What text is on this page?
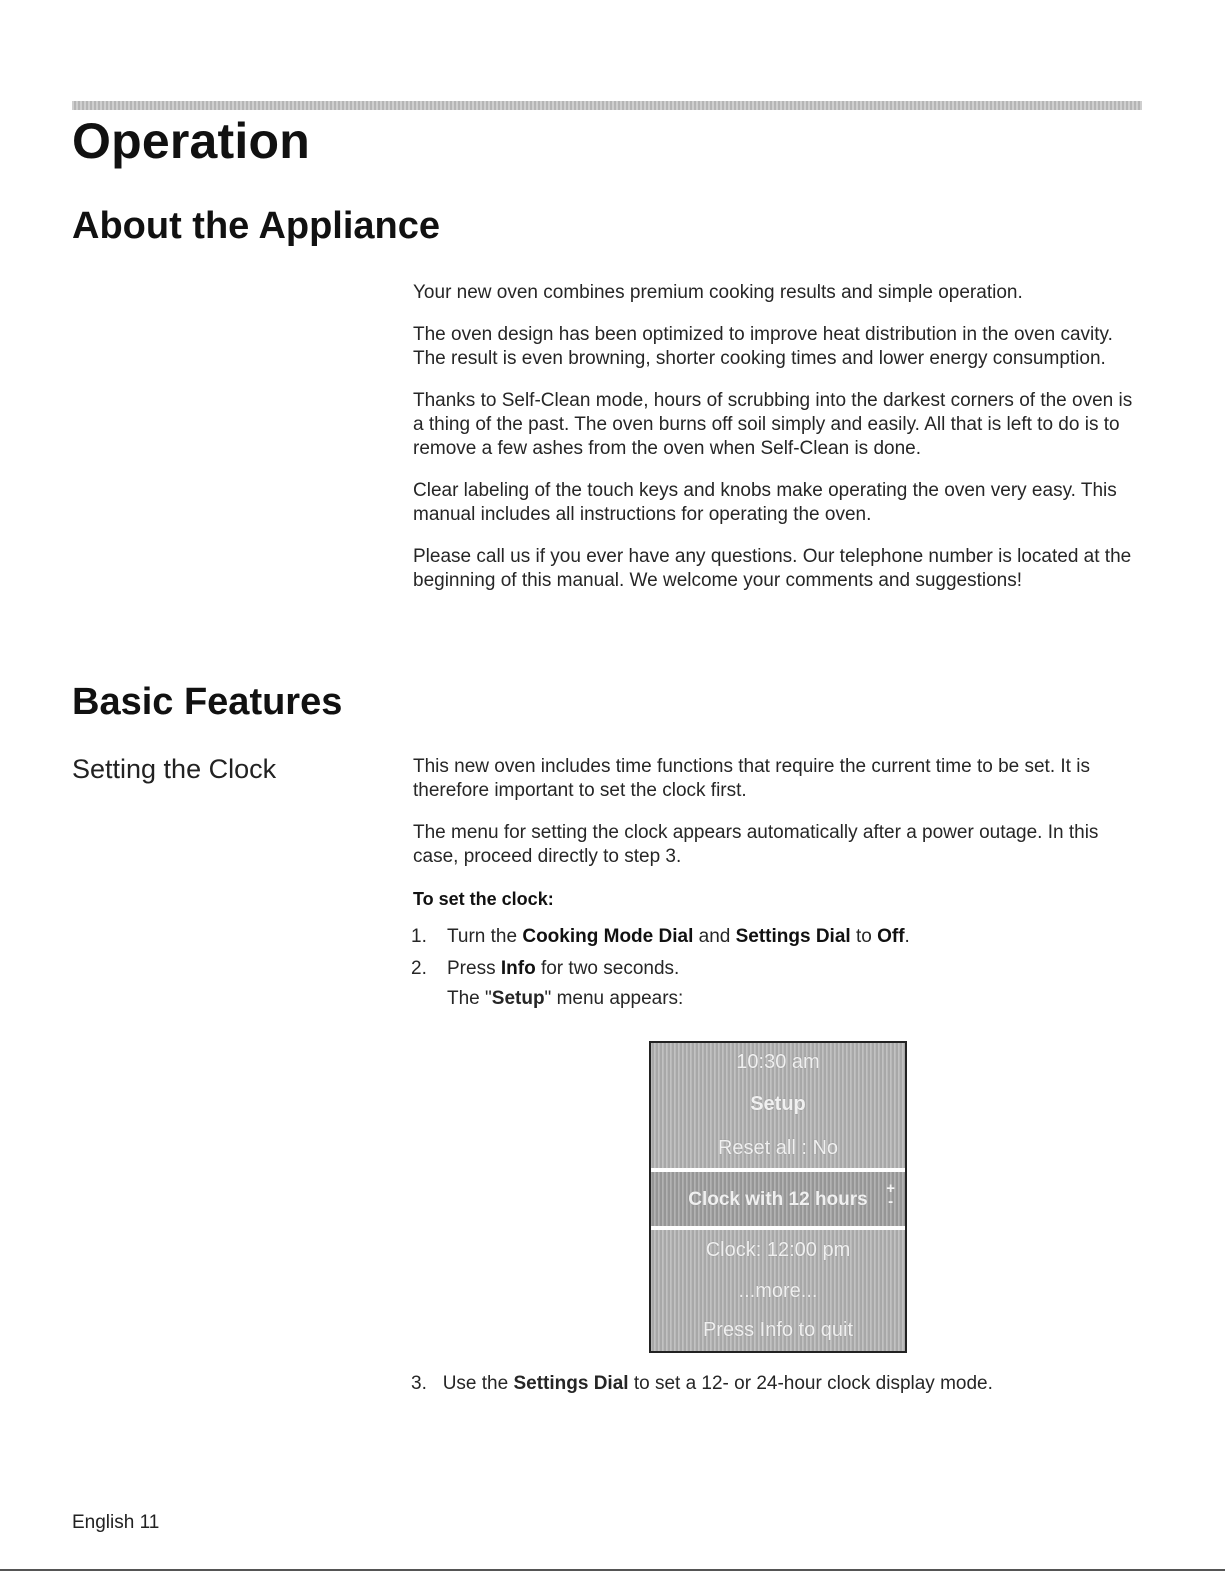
Operation
About the Appliance

Your new oven combines premium cooking results and simple operation.

The oven design has been optimized to improve heat distribution in the oven cavity. The result is even browning, shorter cooking times and lower energy consumption.

Thanks to Self-Clean mode, hours of scrubbing into the darkest corners of the oven is a thing of the past. The oven burns off soil simply and easily. All that is left to do is to remove a few ashes from the oven when Self-Clean is done.

Clear labeling of the touch keys and knobs make operating the oven very easy. This manual includes all instructions for operating the oven.

Please call us if you ever have any questions. Our telephone number is located at the beginning of this manual. We welcome your comments and suggestions!

Basic Features
Setting the Clock	This new oven includes time functions that require the current time to be set. It is therefore important to set the clock first.

The menu for setting the clock appears automatically after a power outage. In this case, proceed directly to step 3.

To set the clock:

1. Turn the Cooking Mode Dial and Settings Dial to Off.
2. Press Info for two seconds.
The "Setup" menu appears:
10:30 am
Setup
Reset all : No
Clock with 12 hours
+
-
Clock: 12:00 pm
...more...
Press Info to quit
3. Use the Settings Dial to set a 12- or 24-hour clock display mode.
English 11
